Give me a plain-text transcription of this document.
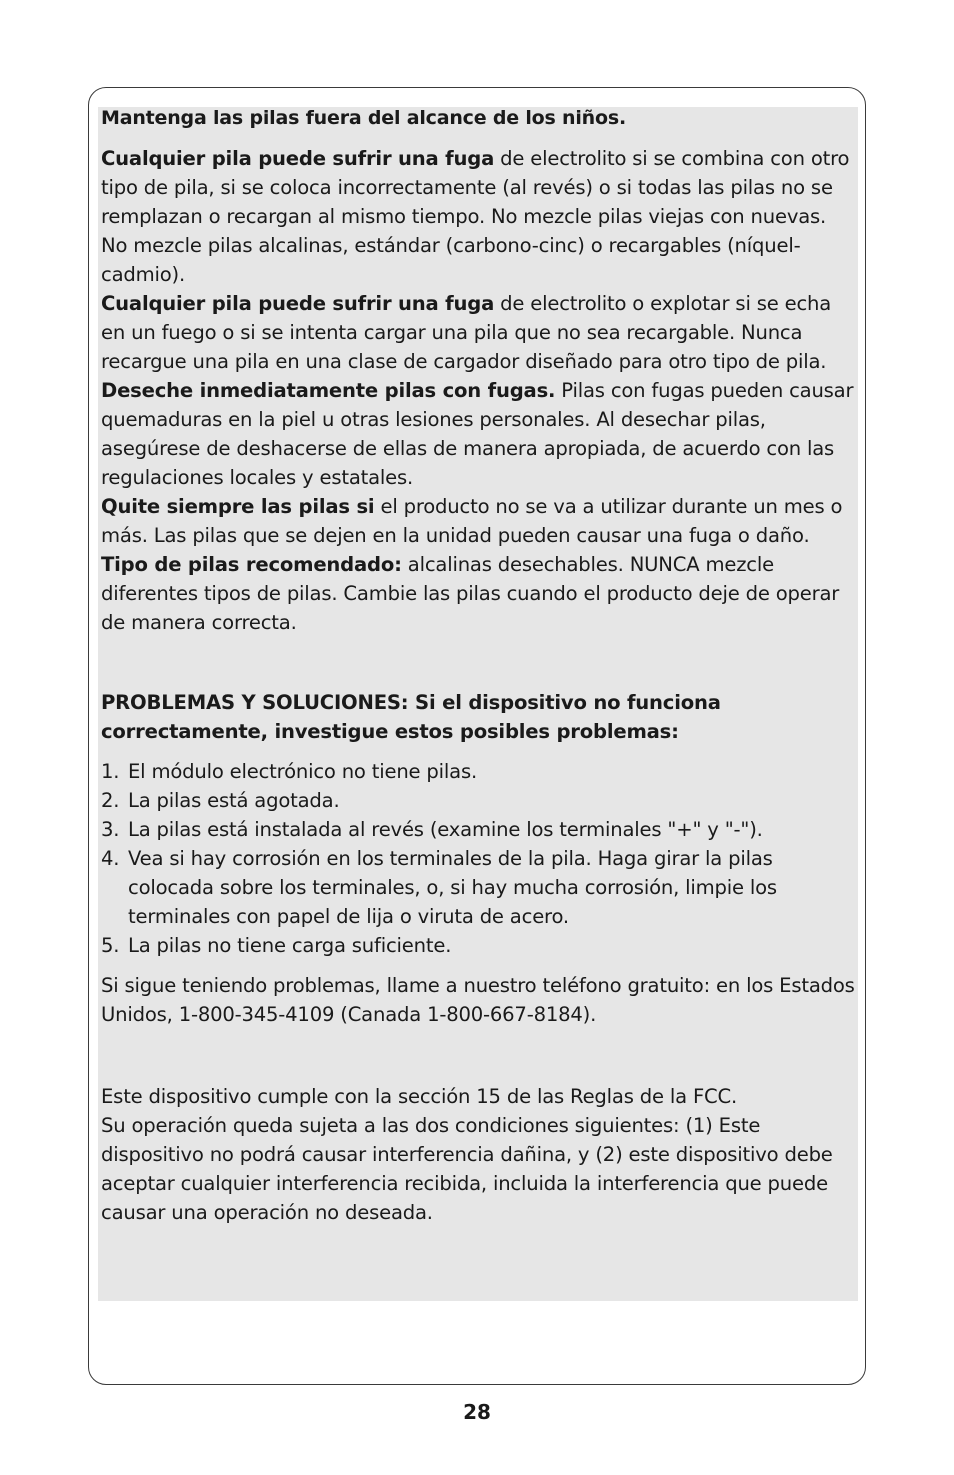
Mantenga las pilas fuera del alcance de los niños.

Cualquier pila puede sufrir una fuga de electrolito si se combina con otro tipo de pila, si se coloca incorrectamente (al revés) o si todas las pilas no se remplazan o recargan al mismo tiempo. No mezcle pilas viejas con nuevas. No mezcle pilas alcalinas, estándar (carbono-cinc) o recargables (níquel-cadmio).

Cualquier pila puede sufrir una fuga de electrolito o explotar si se echa en un fuego o si se intenta cargar una pila que no sea recargable. Nunca recargue una pila en una clase de cargador diseñado para otro tipo de pila.

Deseche inmediatamente pilas con fugas. Pilas con fugas pueden causar quemaduras en la piel u otras lesiones personales. Al desechar pilas, asegúrese de deshacerse de ellas de manera apropiada, de acuerdo con las regulaciones locales y estatales.

Quite siempre las pilas si el producto no se va a utilizar durante un mes o más. Las pilas que se dejen en la unidad pueden causar una fuga o daño.

Tipo de pilas recomendado: alcalinas desechables. NUNCA mezcle diferentes tipos de pilas. Cambie las pilas cuando el producto deje de operar de manera correcta.

PROBLEMAS Y SOLUCIONES: Si el dispositivo no funciona correctamente, investigue estos posibles problemas:

1. El módulo electrónico no tiene pilas.
2. La pilas está agotada.
3. La pilas está instalada al revés (examine los terminales "+" y "-").
4. Vea si hay corrosión en los terminales de la pila. Haga girar la pilas colocada sobre los terminales, o, si hay mucha corrosión, limpie los terminales con papel de lija o viruta de acero.
5. La pilas no tiene carga suficiente.

Si sigue teniendo problemas, llame a nuestro teléfono gratuito: en los Estados Unidos, 1-800-345-4109 (Canada 1-800-667-8184).

Este dispositivo cumple con la sección 15 de las Reglas de la FCC.

Su operación queda sujeta a las dos condiciones siguientes: (1) Este dispositivo no podrá causar interferencia dañina, y (2) este dispositivo debe aceptar cualquier interferencia recibida, incluida la interferencia que puede causar una operación no deseada.

28
